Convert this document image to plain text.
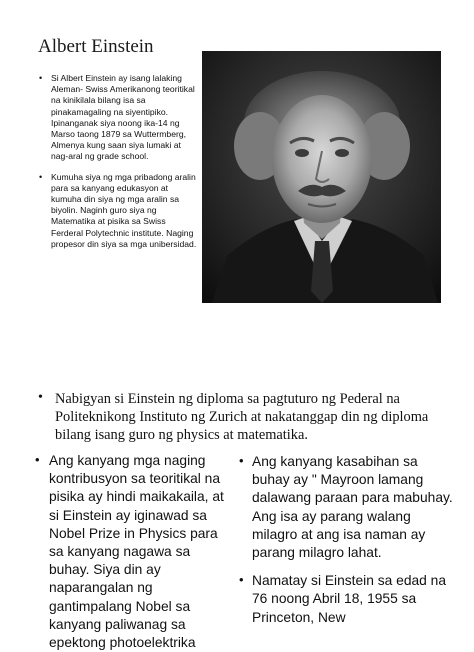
Albert Einstein
• Si Albert Einstein ay isang lalaking Aleman- Swiss Amerikanong teoritikal na kinikilala bilang isa sa pinakamagaling na siyentipiko. Ipinanganak siya noong ika-14 ng Marso taong 1879 sa Wuttermberg, Almenya kung saan siya lumaki at nag-aral ng grade school.
• Kumuha siya ng mga pribadong aralin para sa kanyang edukasyon at kumuha din siya ng mga aralin sa biyolin. Naginh guro siya ng Matematika at pisika sa Swiss Ferderal Polytechnic institute. Naging propesor din siya sa mga unibersidad.
• Nabigyan si Einstein ng diploma sa pagtuturo ng Pederal na Politeknikong Instituto ng Zurich at nakatanggap din ng diploma bilang isang guro ng physics at matematika.
• Ang kanyang mga naging kontribusyon sa teoritikal na pisika ay hindi maikakaila, at si Einstein ay iginawad sa Nobel Prize in Physics para sa kanyang nagawa sa buhay. Siya din ay naparangalan ng gantimpalang Nobel sa kanyang paliwanag sa epektong photoelektrika
• Ang kanyang kasabihan sa buhay ay " Mayroon lamang dalawang paraan para mabuhay. Ang isa ay parang walang milagro at ang isa naman ay parang milagro lahat.
• Namatay si Einstein sa edad na 76 noong Abril 18, 1955 sa Princeton, New
